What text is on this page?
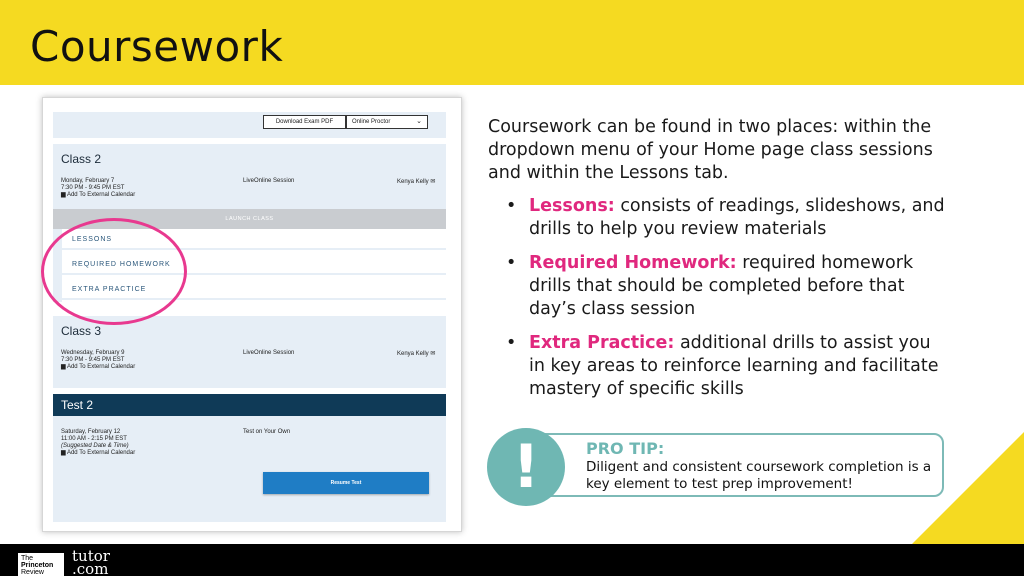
Coursework
Download Exam PDF	Online Proctor	⌄
Class 2
Monday, February 7
7:30 PM - 9:45 PM EST
▆ Add To External Calendar
LiveOnline Session	Kenya Kelly ✉
LAUNCH CLASS
LESSONS
REQUIRED HOMEWORK
EXTRA PRACTICE
Class 3
Wednesday, February 9
7:30 PM - 9:45 PM EST
▆ Add To External Calendar
LiveOnline Session	Kenya Kelly ✉
Test 2
Saturday, February 12
11:00 AM - 2:15 PM EST
(Suggested Date & Time)
▆ Add To External Calendar
Test on Your Own
Resume Test

Coursework can be found in two places: within the dropdown menu of your Home page class sessions and within the Lessons tab.

• Lessons: consists of readings, slideshows, and drills to help you review materials
• Required Homework: required homework drills that should be completed before that day’s class session
• Extra Practice: additional drills to assist you in key areas to reinforce learning and facilitate mastery of specific skills
!	PRO TIP:
Diligent and consistent coursework completion is a key element to test prep improvement!
The
Princeton
Review
tutor
.com
